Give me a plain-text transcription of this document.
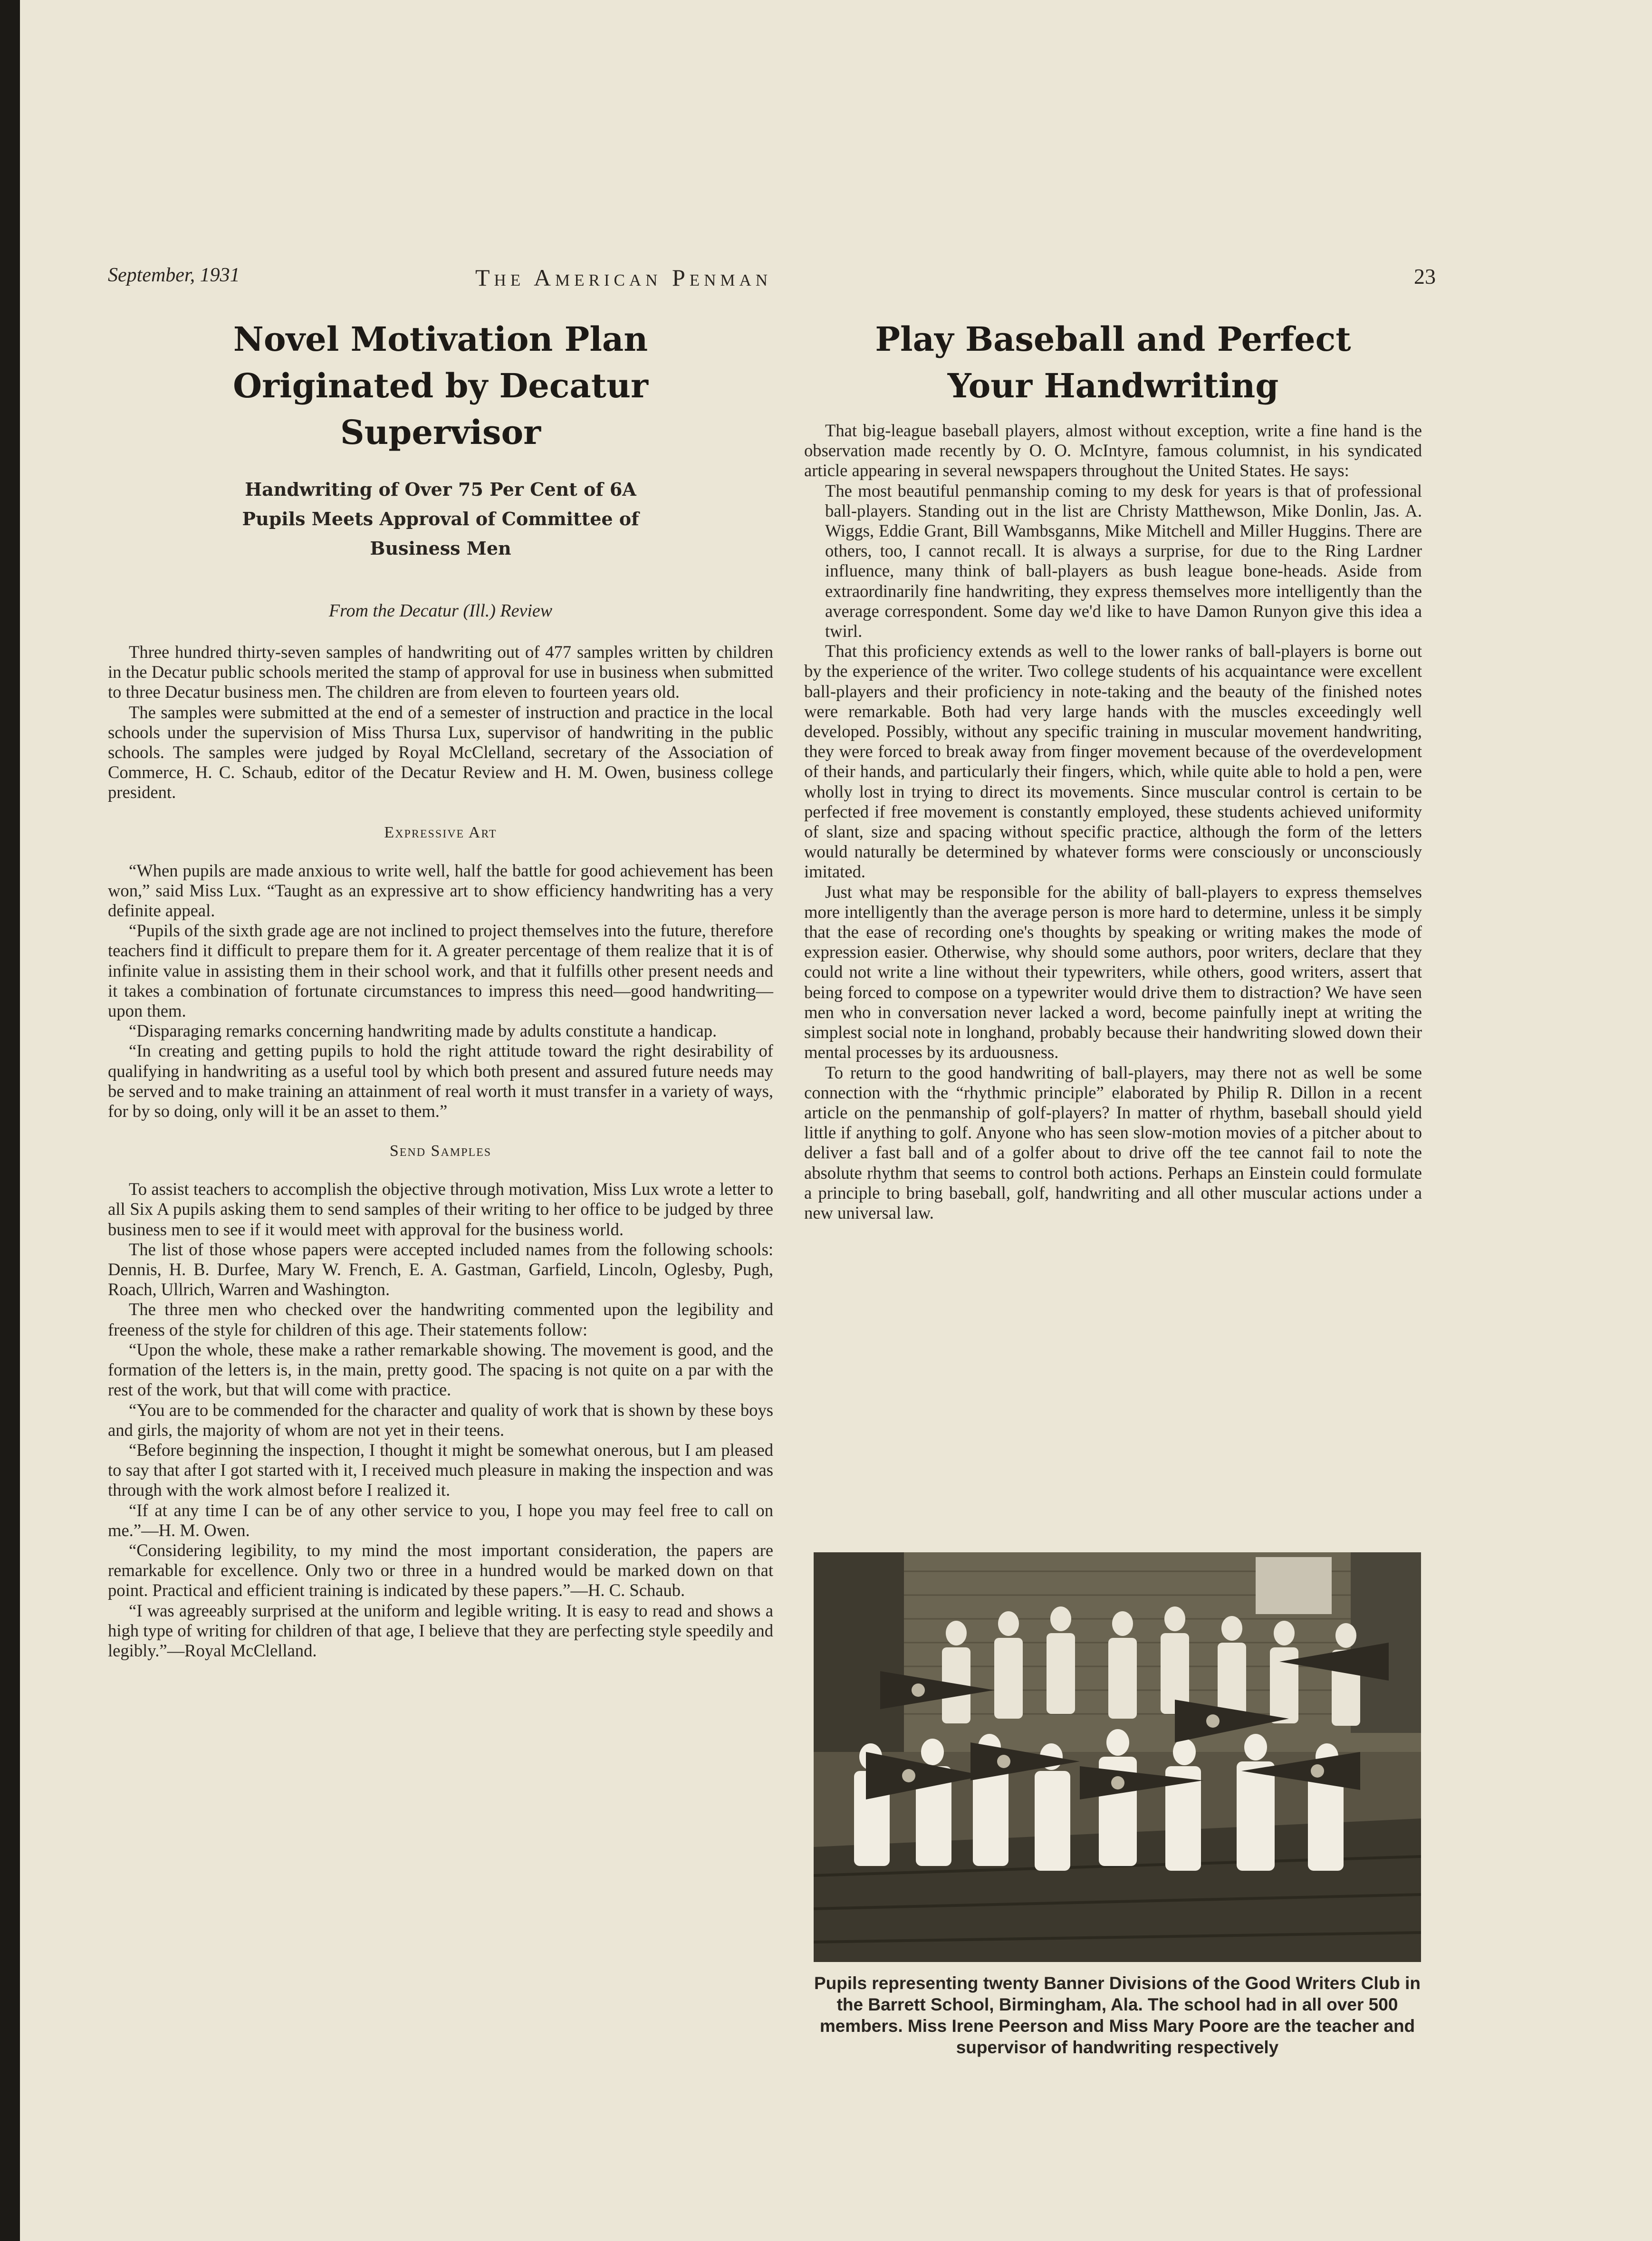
September, 1931	The American Penman	23
Novel Motivation Plan
Originated by Decatur
Supervisor
Handwriting of Over 75 Per Cent of 6A
Pupils Meets Approval of Committee of
Business Men
From the Decatur (Ill.) Review

Three hundred thirty-seven samples of handwriting out of 477 samples written by children in the Decatur public schools merited the stamp of approval for use in business when submitted to three Decatur business men. The children are from eleven to fourteen years old.

The samples were submitted at the end of a semester of instruction and practice in the local schools under the supervision of Miss Thursa Lux, supervisor of handwriting in the public schools. The samples were judged by Royal McClelland, secretary of the Association of Commerce, H. C. Schaub, editor of the Decatur Review and H. M. Owen, business college president.

Expressive Art

“When pupils are made anxious to write well, half the battle for good achievement has been won,” said Miss Lux. “Taught as an expressive art to show efficiency handwriting has a very definite appeal.

“Pupils of the sixth grade age are not inclined to project themselves into the future, therefore teachers find it difficult to prepare them for it. A greater percentage of them realize that it is of infinite value in assisting them in their school work, and that it fulfills other present needs and it takes a combination of fortunate circumstances to impress this need—good handwriting—upon them.

“Disparaging remarks concerning handwriting made by adults constitute a handicap.

“In creating and getting pupils to hold the right attitude toward the right desirability of qualifying in handwriting as a useful tool by which both present and assured future needs may be served and to make training an attainment of real worth it must transfer in a variety of ways, for by so doing, only will it be an asset to them.”

Send Samples

To assist teachers to accomplish the objective through motivation, Miss Lux wrote a letter to all Six A pupils asking them to send samples of their writing to her office to be judged by three business men to see if it would meet with approval for the business world.

The list of those whose papers were accepted included names from the following schools: Dennis, H. B. Durfee, Mary W. French, E. A. Gastman, Garfield, Lincoln, Oglesby, Pugh, Roach, Ullrich, Warren and Washington.

The three men who checked over the handwriting commented upon the legibility and freeness of the style for children of this age. Their statements follow:

“Upon the whole, these make a rather remarkable showing. The movement is good, and the formation of the letters is, in the main, pretty good. The spacing is not quite on a par with the rest of the work, but that will come with practice.

“You are to be commended for the character and quality of work that is shown by these boys and girls, the majority of whom are not yet in their teens.

“Before beginning the inspection, I thought it might be somewhat onerous, but I am pleased to say that after I got started with it, I received much pleasure in making the inspection and was through with the work almost before I realized it.

“If at any time I can be of any other service to you, I hope you may feel free to call on me.”—H. M. Owen.

“Considering legibility, to my mind the most important consideration, the papers are remarkable for excellence. Only two or three in a hundred would be marked down on that point. Practical and efficient training is indicated by these papers.”—H. C. Schaub.

“I was agreeably surprised at the uniform and legible writing. It is easy to read and shows a high type of writing for children of that age, I believe that they are perfecting style speedily and legibly.”—Royal McClelland.

Play Baseball and Perfect
Your Handwriting

That big-league baseball players, almost without exception, write a fine hand is the observation made recently by O. O. McIntyre, famous columnist, in his syndicated article appearing in several newspapers throughout the United States. He says:

The most beautiful penmanship coming to my desk for years is that of professional ball-players. Standing out in the list are Christy Matthewson, Mike Donlin, Jas. A. Wiggs, Eddie Grant, Bill Wambsganns, Mike Mitchell and Miller Huggins. There are others, too, I cannot recall. It is always a surprise, for due to the Ring Lardner influence, many think of ball-players as bush league bone-heads. Aside from extraordinarily fine handwriting, they express themselves more intelligently than the average correspondent. Some day we'd like to have Damon Runyon give this idea a twirl.

That this proficiency extends as well to the lower ranks of ball-players is borne out by the experience of the writer. Two college students of his acquaintance were excellent ball-players and their proficiency in note-taking and the beauty of the finished notes were remarkable. Both had very large hands with the muscles exceedingly well developed. Possibly, without any specific training in muscular movement handwriting, they were forced to break away from finger movement because of the overdevelopment of their hands, and particularly their fingers, which, while quite able to hold a pen, were wholly lost in trying to direct its movements. Since muscular control is certain to be perfected if free movement is constantly employed, these students achieved uniformity of slant, size and spacing without specific practice, although the form of the letters would naturally be determined by whatever forms were consciously or unconsciously imitated.

Just what may be responsible for the ability of ball-players to express themselves more intelligently than the average person is more hard to determine, unless it be simply that the ease of recording one's thoughts by speaking or writing makes the mode of expression easier. Otherwise, why should some authors, poor writers, declare that they could not write a line without their typewriters, while others, good writers, assert that being forced to compose on a typewriter would drive them to distraction? We have seen men who in conversation never lacked a word, become painfully inept at writing the simplest social note in longhand, probably because their handwriting slowed down their mental processes by its arduousness.

To return to the good handwriting of ball-players, may there not as well be some connection with the “rhythmic principle” elaborated by Philip R. Dillon in a recent article on the penmanship of golf-players? In matter of rhythm, baseball should yield little if anything to golf. Anyone who has seen slow-motion movies of a pitcher about to deliver a fast ball and of a golfer about to drive off the tee cannot fail to note the absolute rhythm that seems to control both actions. Perhaps an Einstein could formulate a principle to bring baseball, golf, handwriting and all other muscular actions under a new universal law.

Pupils representing twenty Banner Divisions of the Good Writers Club in the Barrett School, Birmingham, Ala. The school had in all over 500 members. Miss Irene Peerson and Miss Mary Poore are the teacher and supervisor of handwriting respectively
